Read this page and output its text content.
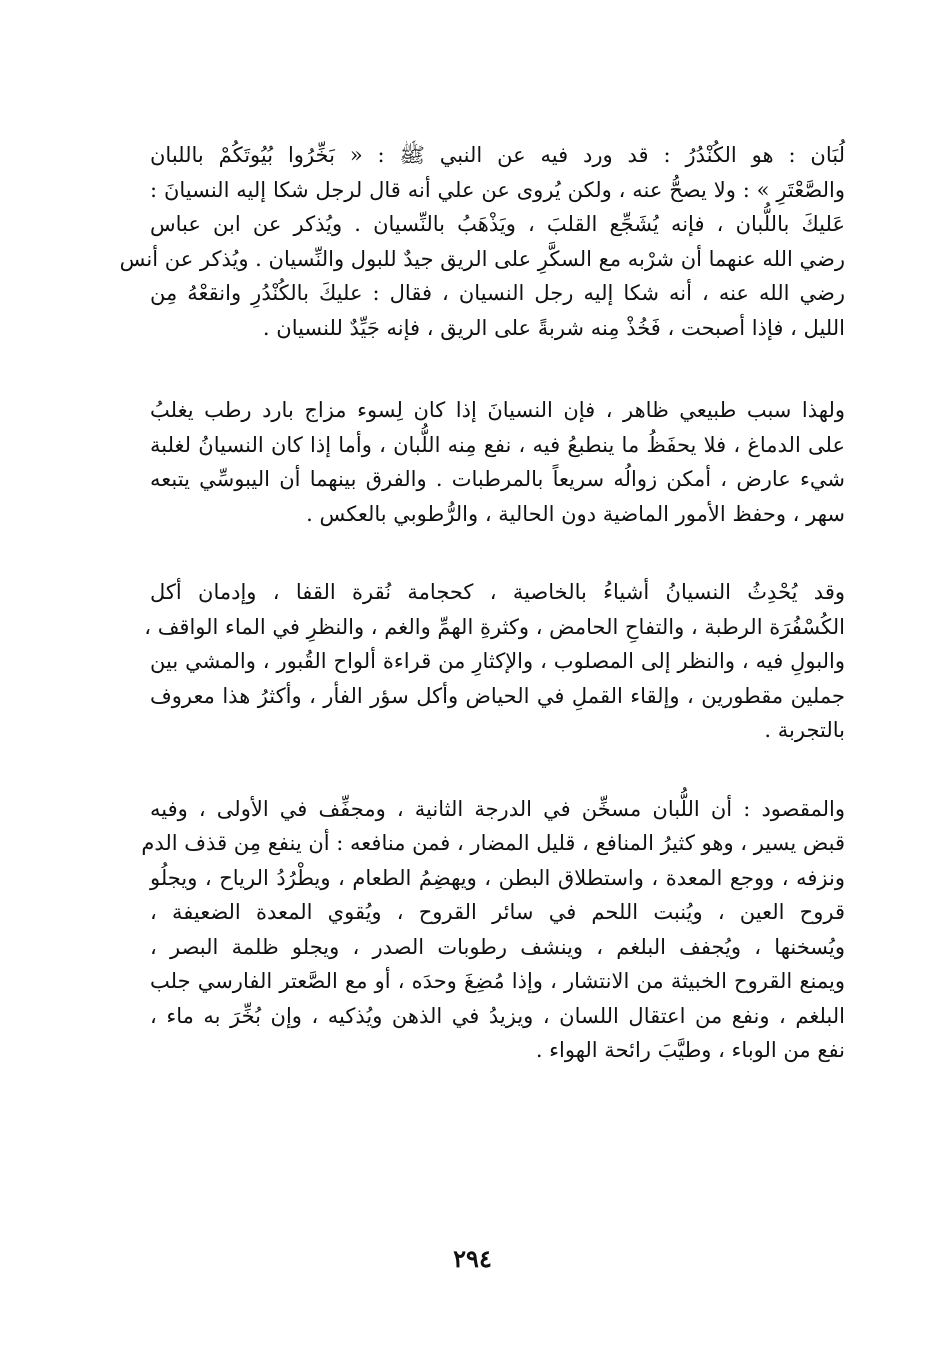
لُبَان : هو الكُنْدُرُ : قد ورد فيه عن النبي ﷺ : « بَخِّرُوا بُيُوتَكُمْ باللبان
والصَّعْتَرِ » : ولا يصحُّ عنه ، ولكن يُروى عن علي أنه قال لرجل شكا إليه النسيانَ :
عَليكَ باللُّبان ، فإنه يُشَجِّع القلبَ ، ويَذْهَبُ بالنِّسيان . ويُذكر عن ابن عباس
رضي الله عنهما أن شرْبه مع السكَّرِ على الريق جيدٌ للبول والنِّسيان . ويُذكر عن أنس
رضي الله عنه ، أنه شكا إليه رجل النسيان ، فقال : عليكَ بالكُنْدُرِ وانقعْهُ مِن
الليل ، فإذا أصبحت ، فَخُذْ مِنه شربةً على الريق ، فإنه جَيِّدٌ للنسيان .

ولهذا سبب طبيعي ظاهر ، فإن النسيانَ إذا كان لِسوء مزاج بارد رطب يغلبُ
على الدماغ ، فلا يحفَظُ ما ينطبعُ فيه ، نفع مِنه اللُّبان ، وأما إذا كان النسيانُ لغلبة
شيء عارض ، أمكن زوالُه سريعاً بالمرطبات . والفرق بينهما أن اليبوسِّي يتبعه
سهر ، وحفظ الأمور الماضية دون الحالية ، والرُّطوبي بالعكس .

وقد يُحْدِثُ النسيانُ أشياءُ بالخاصية ، كحجامة نُقرة القفا ، وإدمان أكل
الكُسْفُرَة الرطبة ، والتفاحِ الحامض ، وكثرةِ الهمِّ والغم ، والنظرِ في الماء الواقف ،
والبولِ فيه ، والنظر إلى المصلوب ، والإكثارِ من قراءة ألواح القُبور ، والمشي بين
جملين مقطورين ، وإلقاء القملِ في الحياض وأكل سؤر الفأر ، وأكثرُ هذا معروف
بالتجربة .

والمقصود : أن اللُّبان مسخِّن في الدرجة الثانية ، ومجفِّف في الأولى ، وفيه
قبض يسير ، وهو كثيرُ المنافع ، قليل المضار ، فمن منافعه : أن ينفع مِن قذف الدم
ونزفه ، ووجع المعدة ، واستطلاق البطن ، ويهضِمُ الطعام ، ويطْرُدُ الرياح ، ويجلُو
قروح العين ، ويُنبت اللحم في سائر القروح ، ويُقوي المعدة الضعيفة ،
ويُسخنها ، ويُجفف البلغم ، وينشف رطوبات الصدر ، ويجلو ظلمة البصر ،
ويمنع القروح الخبيثة من الانتشار ، وإذا مُضِغَ وحدَه ، أو مع الصَّعتر الفارسي جلب
البلغم ، ونفع من اعتقال اللسان ، ويزيدُ في الذهن ويُذكيه ، وإن بُخِّرَ به ماء ،
نفع من الوباء ، وطيَّبَ رائحة الهواء .

٢٩٤
